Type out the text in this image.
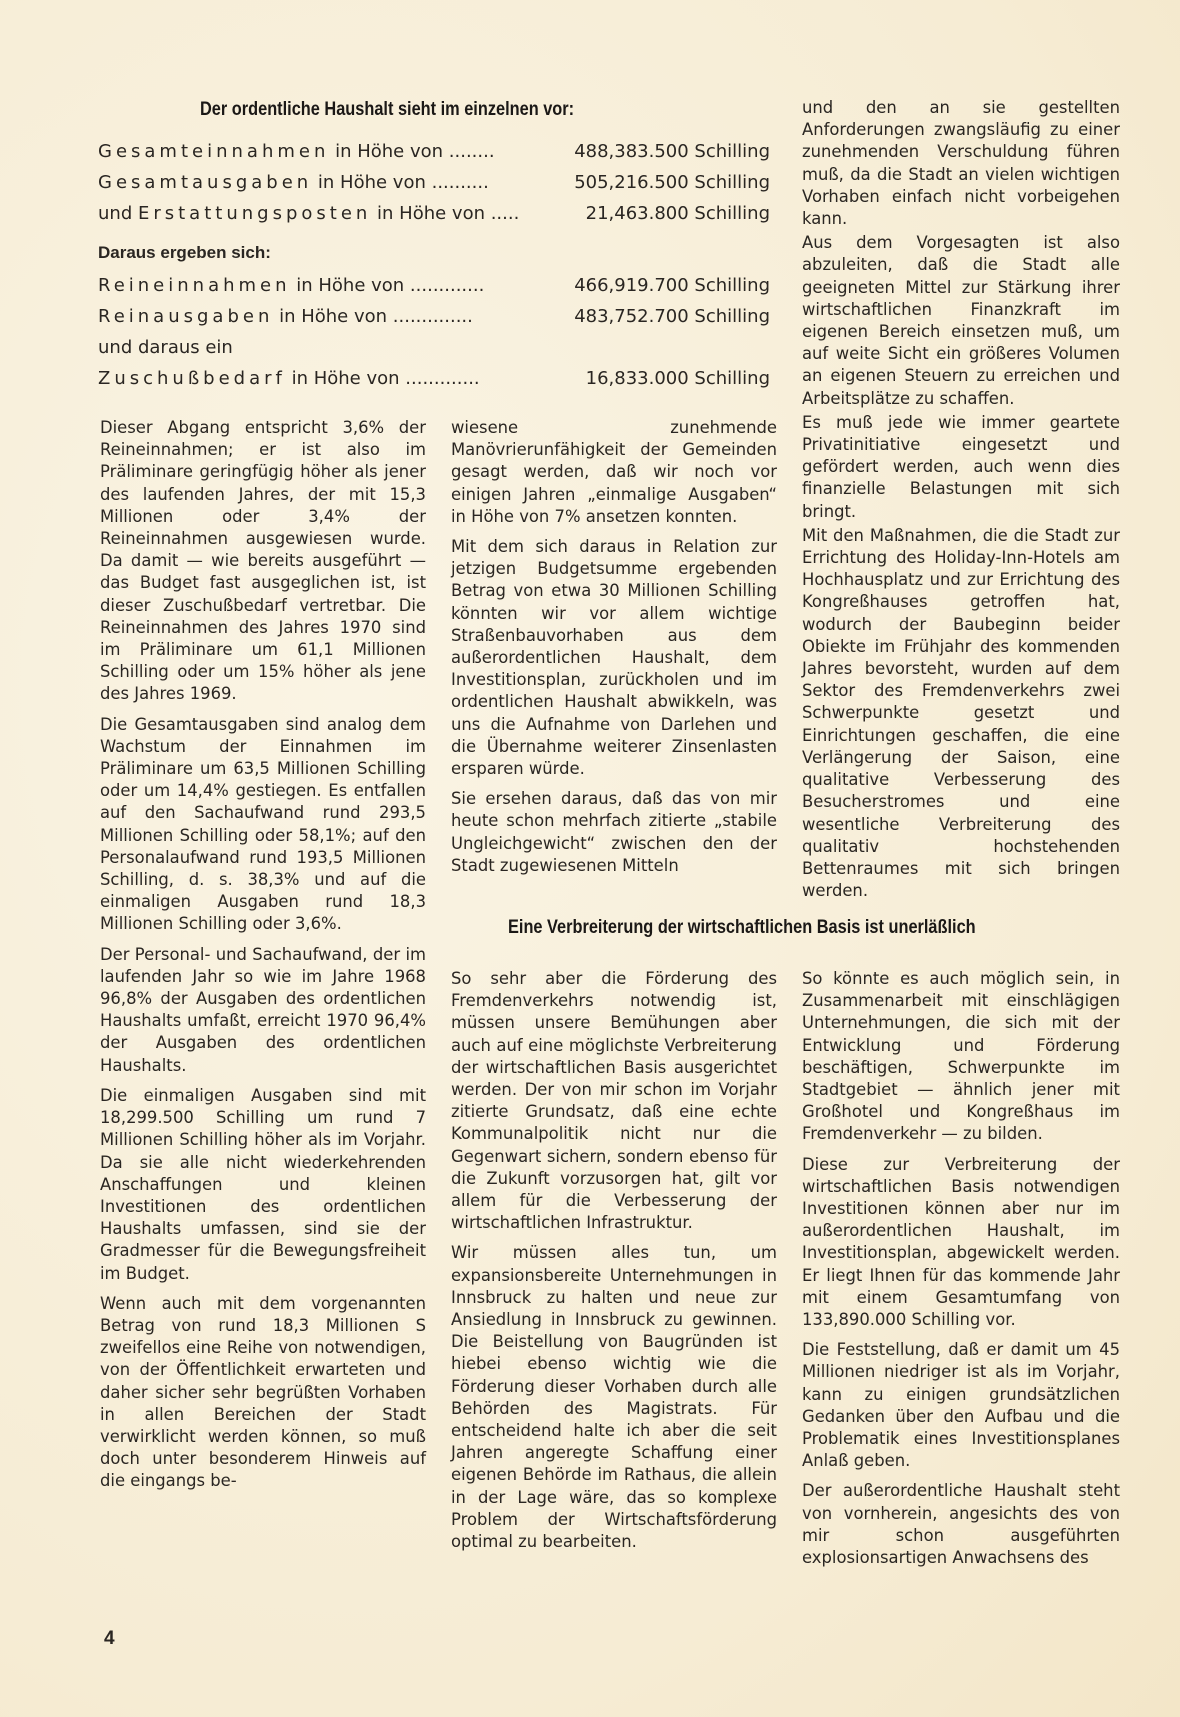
Der ordentliche Haushalt sieht im einzelnen vor:
Gesamteinnahmen in Höhe von ........	488,383.500 Schilling
Gesamtausgaben in Höhe von ..........	505,216.500 Schilling
und Erstattungsposten in Höhe von .....	21,463.800 Schilling
Daraus ergeben sich:
Reineinnahmen in Höhe von .............	466,919.700 Schilling
Reinausgaben in Höhe von ..............	483,752.700 Schilling
und daraus ein
Zuschußbedarf in Höhe von .............	16,833.000 Schilling

und den an sie gestellten Anforderungen zwangsläufig zu einer zunehmenden Verschuldung führen muß, da die Stadt an vielen wichtigen Vorhaben einfach nicht vorbeigehen kann.

Aus dem Vorgesagten ist also abzuleiten, daß die Stadt alle geeigneten Mittel zur Stärkung ihrer wirtschaftlichen Finanzkraft im eigenen Bereich einsetzen muß, um auf weite Sicht ein größeres Volumen an eigenen Steuern zu erreichen und Arbeitsplätze zu schaffen.

Es muß jede wie immer geartete Privatinitiative eingesetzt und gefördert werden, auch wenn dies finanzielle Belastungen mit sich bringt.

Mit den Maßnahmen, die die Stadt zur Errichtung des Holiday-Inn-Hotels am Hochhausplatz und zur Errichtung des Kongreßhauses getroffen hat, wodurch der Baubeginn beider Obiekte im Frühjahr des kommenden Jahres bevorsteht, wurden auf dem Sektor des Fremdenverkehrs zwei Schwerpunkte gesetzt und Einrichtungen geschaffen, die eine Verlängerung der Saison, eine qualitative Verbesserung des Besucherstromes und eine wesentliche Verbreiterung des qualitativ hochstehenden Bettenraumes mit sich bringen werden.

Dieser Abgang entspricht 3,6% der Reineinnahmen; er ist also im Präliminare geringfügig höher als jener des laufenden Jahres, der mit 15,3 Millionen oder 3,4% der Reineinnahmen ausgewiesen wurde. Da damit — wie bereits ausgeführt — das Budget fast ausgeglichen ist, ist dieser Zuschußbedarf vertretbar. Die Reineinnahmen des Jahres 1970 sind im Präliminare um 61,1 Millionen Schilling oder um 15% höher als jene des Jahres 1969.

Die Gesamtausgaben sind analog dem Wachstum der Einnahmen im Präliminare um 63,5 Millionen Schilling oder um 14,4% gestiegen. Es entfallen auf den Sachaufwand rund 293,5 Millionen Schilling oder 58,1%; auf den Personalaufwand rund 193,5 Millionen Schilling, d. s. 38,3% und auf die einmaligen Ausgaben rund 18,3 Millionen Schilling oder 3,6%.

Der Personal- und Sachaufwand, der im laufenden Jahr so wie im Jahre 1968 96,8% der Ausgaben des ordentlichen Haushalts umfaßt, erreicht 1970 96,4% der Ausgaben des ordentlichen Haushalts.

Die einmaligen Ausgaben sind mit 18,299.500 Schilling um rund 7 Millionen Schilling höher als im Vorjahr. Da sie alle nicht wiederkehrenden Anschaffungen und kleinen Investitionen des ordentlichen Haushalts umfassen, sind sie der Gradmesser für die Bewegungsfreiheit im Budget.

Wenn auch mit dem vorgenannten Betrag von rund 18,3 Millionen S zweifellos eine Reihe von notwendigen, von der Öffentlichkeit erwarteten und daher sicher sehr begrüßten Vorhaben in allen Bereichen der Stadt verwirklicht werden können, so muß doch unter besonderem Hinweis auf die eingangs be-

wiesene zunehmende Manövrierunfähigkeit der Gemeinden gesagt werden, daß wir noch vor einigen Jahren „einmalige Ausgaben“ in Höhe von 7% ansetzen konnten.

Mit dem sich daraus in Relation zur jetzigen Budgetsumme ergebenden Betrag von etwa 30 Millionen Schilling könnten wir vor allem wichtige Straßenbauvorhaben aus dem außerordentlichen Haushalt, dem Investitionsplan, zurückholen und im ordentlichen Haushalt abwikkeln, was uns die Aufnahme von Darlehen und die Übernahme weiterer Zinsenlasten ersparen würde.

Sie ersehen daraus, daß das von mir heute schon mehrfach zitierte „stabile Ungleichgewicht“ zwischen den der Stadt zugewiesenen Mitteln

Eine Verbreiterung der wirtschaftlichen Basis ist unerläßlich

So sehr aber die Förderung des Fremdenverkehrs notwendig ist, müssen unsere Bemühungen aber auch auf eine möglichste Verbreiterung der wirtschaftlichen Basis ausgerichtet werden. Der von mir schon im Vorjahr zitierte Grundsatz, daß eine echte Kommunalpolitik nicht nur die Gegenwart sichern, sondern ebenso für die Zukunft vorzusorgen hat, gilt vor allem für die Verbesserung der wirtschaftlichen Infrastruktur.

Wir müssen alles tun, um expansionsbereite Unternehmungen in Innsbruck zu halten und neue zur Ansiedlung in Innsbruck zu gewinnen. Die Beistellung von Baugründen ist hiebei ebenso wichtig wie die Förderung dieser Vorhaben durch alle Behörden des Magistrats. Für entscheidend halte ich aber die seit Jahren angeregte Schaffung einer eigenen Behörde im Rathaus, die allein in der Lage wäre, das so komplexe Problem der Wirtschaftsförderung optimal zu bearbeiten.

So könnte es auch möglich sein, in Zusammenarbeit mit einschlägigen Unternehmungen, die sich mit der Entwicklung und Förderung beschäftigen, Schwerpunkte im Stadtgebiet — ähnlich jener mit Großhotel und Kongreßhaus im Fremdenverkehr — zu bilden.

Diese zur Verbreiterung der wirtschaftlichen Basis notwendigen Investitionen können aber nur im außerordentlichen Haushalt, im Investitionsplan, abgewickelt werden. Er liegt Ihnen für das kommende Jahr mit einem Gesamtumfang von 133,890.000 Schilling vor.

Die Feststellung, daß er damit um 45 Millionen niedriger ist als im Vorjahr, kann zu einigen grundsätzlichen Gedanken über den Aufbau und die Problematik eines Investitionsplanes Anlaß geben.

Der außerordentliche Haushalt steht von vornherein, angesichts des von mir schon ausgeführten explosionsartigen Anwachsens des

4
